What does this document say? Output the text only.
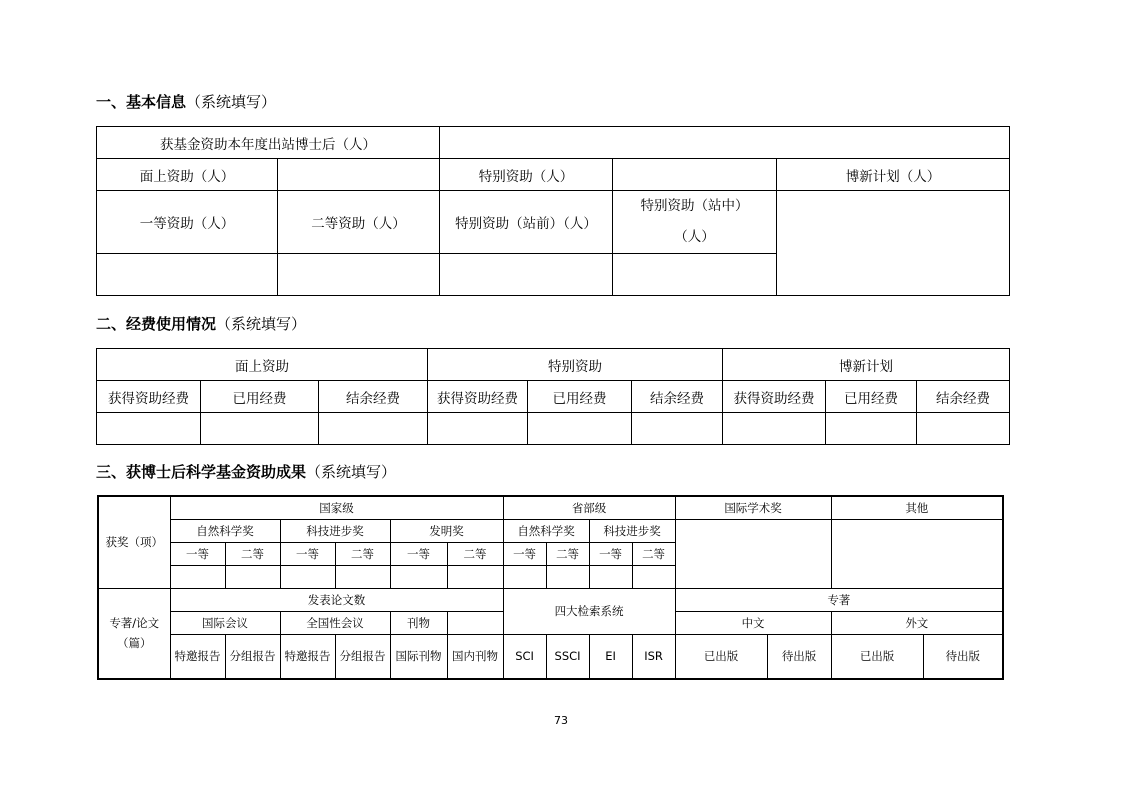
一、基本信息（系统填写）
获基金资助本年度出站博士后（人）				
面上资助（人）		特别资助（人）		博新计划（人）
一等资助（人）	二等资助（人）	特别资助（站前）（人）	特别资助（站中）
（人）	

二、经费使用情况（系统填写）
面上资助			特别资助			博新计划		
获得资助经费	已用经费	结余经费	获得资助经费	已用经费	结余经费	获得资助经费	已用经费	结余经费

三、获博士后科学基金资助成果（系统填写）
获奖（项）	国家级						省部级				国际学术奖		其他	
	自然科学奖		科技进步奖		发明奖		自然科学奖		科技进步奖					
	一等	二等	一等	二等	一等	二等	一等	二等	一等	二等				

专著/论文
（篇）	发表论文数						四大检索系统				专著			
	国际会议		全国性会议		刊物						中文		外文	
	特邀报告	分组报告	特邀报告	分组报告	国际刊物	国内刊物	SCI	SSCI	EI	ISR	已出版	待出版	已出版	待出版
73
